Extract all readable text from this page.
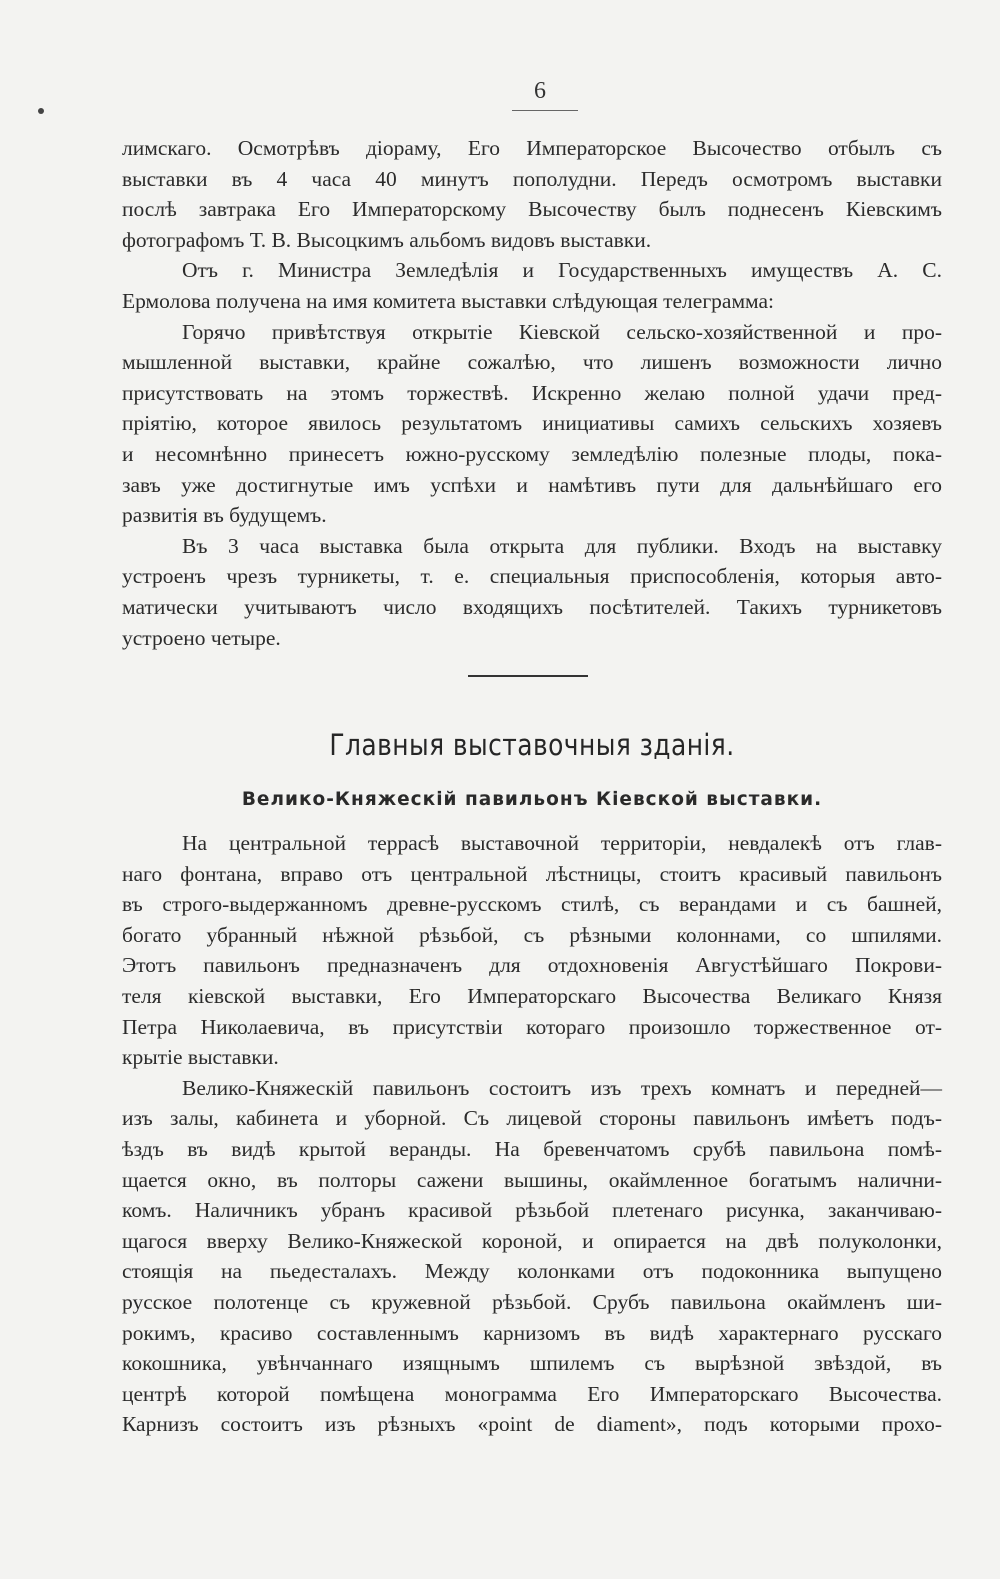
6
лимскаго. Осмотрѣвъ діораму, Его Императорское Высочество отбылъ съ
выставки въ 4 часа 40 минутъ пополудни. Передъ осмотромъ выставки
послѣ завтрака Его Императорскому Высочеству былъ поднесенъ Кіевскимъ
фотографомъ Т. В. Высоцкимъ альбомъ видовъ выставки.
Отъ г. Министра Земледѣлія и Государственныхъ имуществъ А. С.
Ермолова получена на имя комитета выставки слѣдующая телеграмма:
Горячо привѣтствуя открытіе Кіевской сельско-хозяйственной и про-
мышленной выставки, крайне сожалѣю, что лишенъ возможности лично
присутствовать на этомъ торжествѣ. Искренно желаю полной удачи пред-
пріятію, которое явилось результатомъ инициативы самихъ сельскихъ хозяевъ
и несомнѣнно принесетъ южно-русскому земледѣлію полезные плоды, пока-
завъ уже достигнутые имъ успѣхи и намѣтивъ пути для дальнѣйшаго его
развитія въ будущемъ.
Въ 3 часа выставка была открыта для публики. Входъ на выставку
устроенъ чрезъ турникеты, т. е. специальныя приспособленія, которыя авто-
матически учитываютъ число входящихъ посѣтителей. Такихъ турникетовъ
устроено четыре.
Главныя выставочныя зданія.
Велико-Княжескій павильонъ Кіевской выставки.
На центральной террасѣ выставочной территоріи, невдалекѣ отъ глав-
наго фонтана, вправо отъ центральной лѣстницы, стоитъ красивый павильонъ
въ строго-выдержанномъ древне-русскомъ стилѣ, съ верандами и съ башней,
богато убранный нѣжной рѣзьбой, съ рѣзными колоннами, со шпилями.
Этотъ павильонъ предназначенъ для отдохновенія Августѣйшаго Покрови-
теля кіевской выставки, Его Императорскаго Высочества Великаго Князя
Петра Николаевича, въ присутствіи котораго произошло торжественное от-
крытіе выставки.
Велико-Княжескій павильонъ состоитъ изъ трехъ комнатъ и передней—
изъ залы, кабинета и уборной. Съ лицевой стороны павильонъ имѣетъ подъ-
ѣздъ въ видѣ крытой веранды. На бревенчатомъ срубѣ павильона помѣ-
щается окно, въ полторы сажени вышины, окаймленное богатымъ налични-
комъ. Наличникъ убранъ красивой рѣзьбой плетенаго рисунка, заканчиваю-
щагося вверху Велико-Княжеской короной, и опирается на двѣ полуколонки,
стоящія на пьедесталахъ. Между колонками отъ подоконника выпущено
русское полотенце съ кружевной рѣзьбой. Срубъ павильона окаймленъ ши-
рокимъ, красиво составленнымъ карнизомъ въ видѣ характернаго русскаго
кокошника, увѣнчаннаго изящнымъ шпилемъ съ вырѣзной звѣздой, въ
центрѣ которой помѣщена монограмма Его Императорскаго Высочества.
Карнизъ состоитъ изъ рѣзныхъ «point de diament», подъ которыми прохо-
